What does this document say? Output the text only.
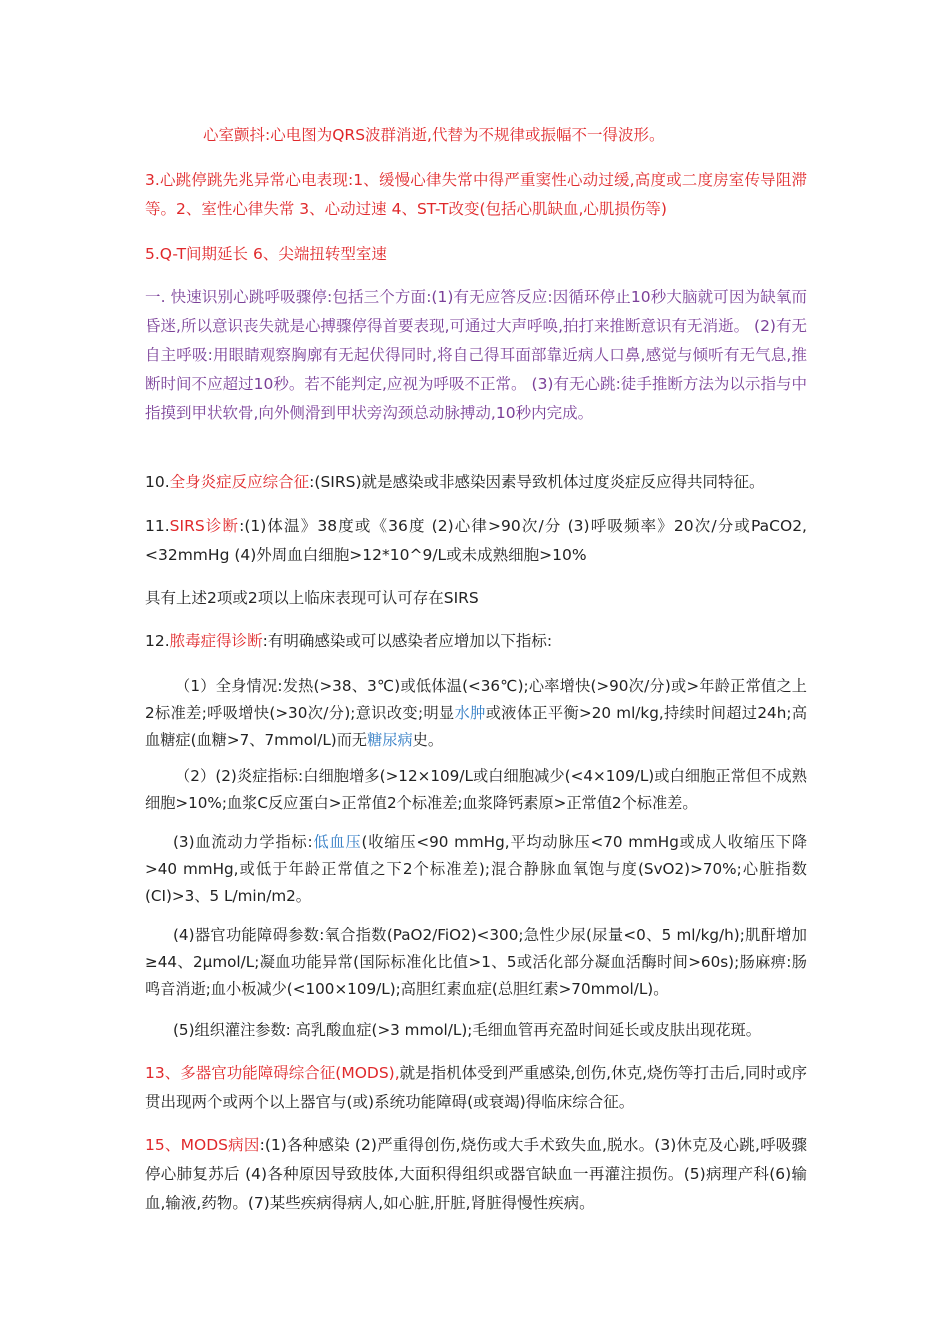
心室颤抖:心电图为QRS波群消逝,代替为不规律或振幅不一得波形。

3.心跳停跳先兆异常心电表现:1、缓慢心律失常中得严重窦性心动过缓,高度或二度房室传导阻滞等。2、室性心律失常 3、心动过速 4、ST-T改变(包括心肌缺血,心肌损伤等)

5.Q-T间期延长 6、尖端扭转型室速

一. 快速识别心跳呼吸骤停:包括三个方面:(1)有无应答反应:因循环停止10秒大脑就可因为缺氧而昏迷,所以意识丧失就是心搏骤停得首要表现,可通过大声呼唤,拍打来推断意识有无消逝。 (2)有无自主呼吸:用眼睛观察胸廓有无起伏得同时,将自己得耳面部靠近病人口鼻,感觉与倾听有无气息,推断时间不应超过10秒。若不能判定,应视为呼吸不正常。 (3)有无心跳:徒手推断方法为以示指与中指摸到甲状软骨,向外侧滑到甲状旁沟颈总动脉搏动,10秒内完成。

10.全身炎症反应综合征:(SIRS)就是感染或非感染因素导致机体过度炎症反应得共同特征。

11.SIRS诊断:(1)体温》38度或《36度 (2)心律>90次/分 (3)呼吸频率》20次/分或PaCO2,<32mmHg (4)外周血白细胞>12*10^9/L或未成熟细胞>10%

具有上述2项或2项以上临床表现可认可存在SIRS

12.脓毒症得诊断:有明确感染或可以感染者应增加以下指标:

（1）全身情况:发热(>38、3℃)或低体温(<36℃);心率增快(>90次/分)或>年龄正常值之上2标准差;呼吸增快(>30次/分);意识改变;明显水肿或液体正平衡>20 ml/kg,持续时间超过24h;高血糖症(血糖>7、7mmol/L)而无糖尿病史。

（2）(2)炎症指标:白细胞增多(>12×109/L或白细胞减少(<4×109/L)或白细胞正常但不成熟细胞>10%;血浆C反应蛋白>正常值2个标准差;血浆降钙素原>正常值2个标准差。

(3)血流动力学指标:低血压(收缩压<90 mmHg,平均动脉压<70 mmHg或成人收缩压下降>40 mmHg,或低于年龄正常值之下2个标准差);混合静脉血氧饱与度(SvO2)>70%;心脏指数(CI)>3、5 L/min/m2。

(4)器官功能障碍参数:氧合指数(PaO2/FiO2)<300;急性少尿(尿量<0、5 ml/kg/h);肌酐增加≥44、2μmol/L;凝血功能异常(国际标准化比值>1、5或活化部分凝血活酶时间>60s);肠麻痹:肠鸣音消逝;血小板减少(<100×109/L);高胆红素血症(总胆红素>70mmol/L)。

(5)组织灌注参数: 高乳酸血症(>3 mmol/L);毛细血管再充盈时间延长或皮肤出现花斑。

13、多器官功能障碍综合征(MODS),就是指机体受到严重感染,创伤,休克,烧伤等打击后,同时或序贯出现两个或两个以上器官与(或)系统功能障碍(或衰竭)得临床综合征。

15、MODS病因:(1)各种感染 (2)严重得创伤,烧伤或大手术致失血,脱水。(3)休克及心跳,呼吸骤停心肺复苏后 (4)各种原因导致肢体,大面积得组织或器官缺血一再灌注损伤。(5)病理产科(6)输血,输液,药物。(7)某些疾病得病人,如心脏,肝脏,肾脏得慢性疾病。
